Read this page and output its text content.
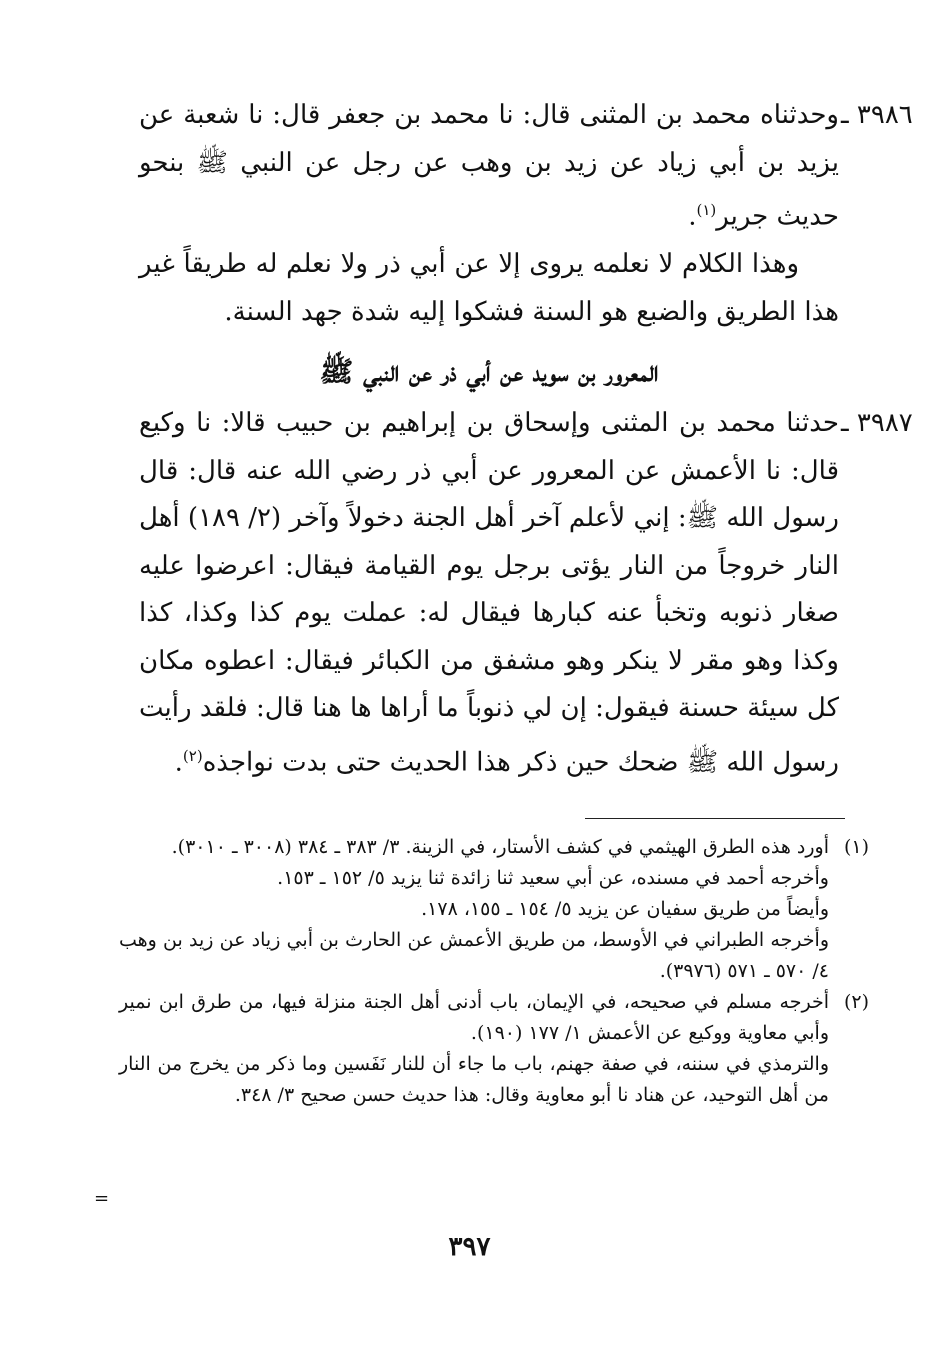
٣٩٨٦ ـ
وحدثناه محمد بن المثنى قال: نا محمد بن جعفر قال: نا شعبة عن يزيد بن أبي زياد عن زيد بن وهب عن رجل عن النبي ﷺ بنحو حديث جرير$^{(١)}$.
وهذا الكلام لا نعلمه يروى إلا عن أبي ذر ولا نعلم له طريقاً غير هذا الطريق والضبع هو السنة فشكوا إليه شدة جهد السنة.
المعرور بن سويد عن أبي ذر عن النبي ﷺ
٣٩٨٧ ـ
حدثنا محمد بن المثنى وإسحاق بن إبراهيم بن حبيب قالا: نا وكيع قال: نا الأعمش عن المعرور عن أبي ذر رضي الله عنه قال: قال رسول الله ﷺ: إني لأعلم آخر أهل الجنة دخولاً وآخر (٢/ ١٨٩) أهل النار خروجاً من النار يؤتى برجل يوم القيامة فيقال: اعرضوا عليه صغار ذنوبه وتخبأ عنه كبارها فيقال له: عملت يوم كذا وكذا، كذا وكذا وهو مقر لا ينكر وهو مشفق من الكبائر فيقال: اعطوه مكان كل سيئة حسنة فيقول: إن لي ذنوباً ما أراها ها هنا قال: فلقد رأيت رسول الله ﷺ ضحك حين ذكر هذا الحديث حتى بدت نواجذه$^{(٢)}$.
(١)

أورد هذه الطرق الهيثمي في كشف الأستار، في الزينة. ٣/ ٣٨٣ ـ ٣٨٤ (٣٠٠٨ ـ ٣٠١٠).

وأخرجه أحمد في مسنده، عن أبي سعيد ثنا زائدة ثنا يزيد ٥/ ١٥٢ ـ ١٥٣.

وأيضاً من طريق سفيان عن يزيد ٥/ ١٥٤ ـ ١٥٥، ١٧٨.

وأخرجه الطبراني في الأوسط، من طريق الأعمش عن الحارث بن أبي زياد عن زيد بن وهب ٤/ ٥٧٠ ـ ٥٧١ (٣٩٧٦).

(٢)

أخرجه مسلم في صحيحه، في الإيمان، باب أدنى أهل الجنة منزلة فيها، من طرق ابن نمير وأبي معاوية ووكيع عن الأعمش ١/ ١٧٧ (١٩٠).

والترمذي في سننه، في صفة جهنم، باب ما جاء أن للنار نَفَسين وما ذكر من يخرج من النار من أهل التوحيد، عن هناد نا أبو معاوية وقال: هذا حديث حسن صحيح ٣/ ٣٤٨.

=
٣٩٧
